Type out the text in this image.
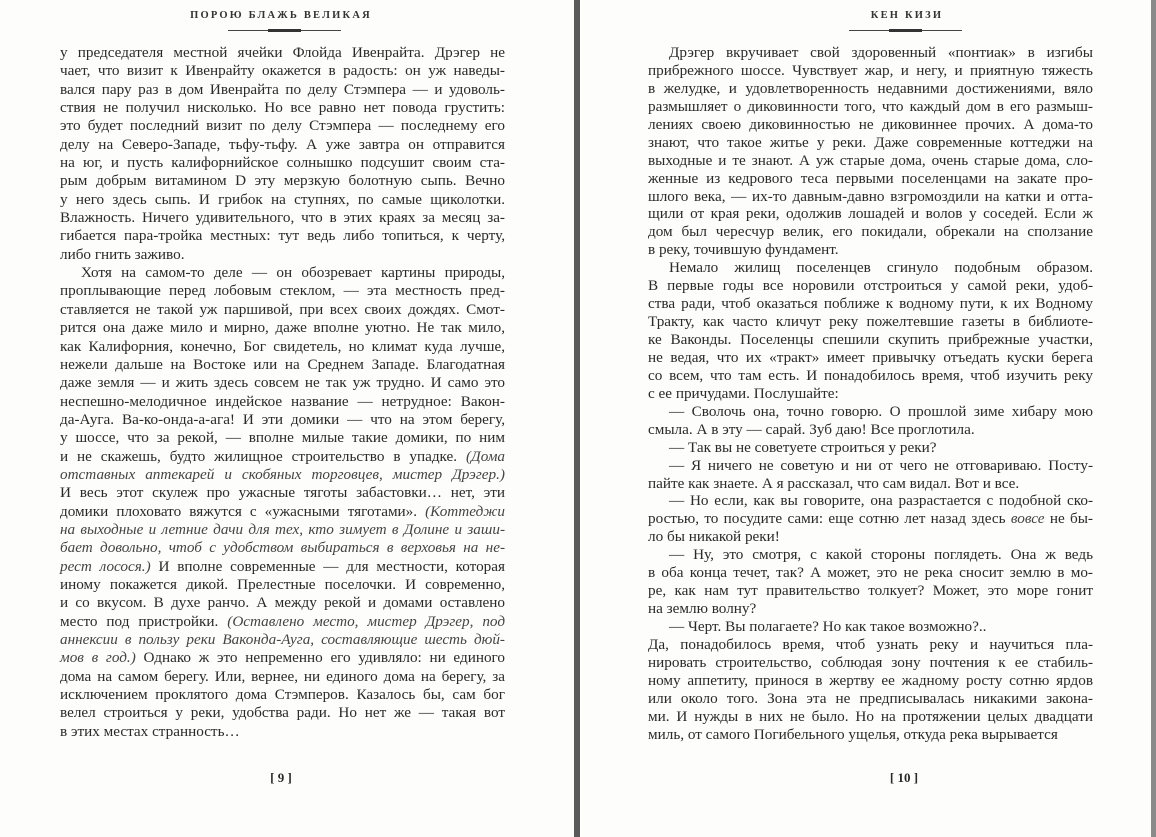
ПОРОЮ БЛАЖЬ ВЕЛИКАЯ
у председателя местной ячейки Флойда Ивенрайта. Дрэгер не
чает, что визит к Ивенрайту окажется в радость: он уж наведы-
вался пару раз в дом Ивенрайта по делу Стэмпера — и удоволь-
ствия не получил нисколько. Но все равно нет повода грустить:
это будет последний визит по делу Стэмпера — последнему его
делу на Северо-Западе, тьфу-тьфу. А уже завтра он отправится
на юг, и пусть калифорнийское солнышко подсушит своим ста-
рым добрым витамином D эту мерзкую болотную сыпь. Вечно
у него здесь сыпь. И грибок на ступнях, по самые щиколотки.
Влажность. Ничего удивительного, что в этих краях за месяц за-
гибается пара-тройка местных: тут ведь либо топиться, к черту,
либо гнить заживо.
Хотя на самом-то деле — он обозревает картины природы,
проплывающие перед лобовым стеклом, — эта местность пред-
ставляется не такой уж паршивой, при всех своих дождях. Смот-
рится она даже мило и мирно, даже вполне уютно. Не так мило,
как Калифорния, конечно, Бог свидетель, но климат куда лучше,
нежели дальше на Востоке или на Среднем Западе. Благодатная
даже земля — и жить здесь совсем не так уж трудно. И само это
неспешно-мелодичное индейское название — нетрудное: Вакон-
да-Ауга. Ва-ко-онда-а-ага! И эти домики — что на этом берегу,
у шоссе, что за рекой, — вполне милые такие домики, по ним
и не скажешь, будто жилищное строительство в упадке. (Дома
отставных аптекарей и скобяных торговцев, мистер Дрэгер.)
И весь этот скулеж про ужасные тяготы забастовки… нет, эти
домики плоховато вяжутся с «ужасными тяготами». (Коттеджи
на выходные и летние дачи для тех, кто зимует в Долине и заши-
бает довольно, чтоб с удобством выбираться в верховья на не-
рест лосося.) И вполне современные — для местности, которая
иному покажется дикой. Прелестные поселочки. И современно,
и со вкусом. В духе ранчо. А между рекой и домами оставлено
место под пристройки. (Оставлено место, мистер Дрэгер, под
аннексии в пользу реки Ваконда-Ауга, составляющие шесть дюй-
мов в год.) Однако ж это непременно его удивляло: ни единого
дома на самом берегу. Или, вернее, ни единого дома на берегу, за
исключением проклятого дома Стэмперов. Казалось бы, сам бог
велел строиться у реки, удобства ради. Но нет же — такая вот
в этих местах странность…
[ 9 ]
КЕН КИЗИ
Дрэгер вкручивает свой здоровенный «понтиак» в изгибы
прибрежного шоссе. Чувствует жар, и негу, и приятную тяжесть
в желудке, и удовлетворенность недавними достижениями, вяло
размышляет о диковинности того, что каждый дом в его размыш-
лениях своею диковинностью не диковиннее прочих. А дома-то
знают, что такое житье у реки. Даже современные коттеджи на
выходные и те знают. А уж старые дома, очень старые дома, сло-
женные из кедрового теса первыми поселенцами на закате про-
шлого века, — их-то давным-давно взгромоздили на катки и отта-
щили от края реки, одолжив лошадей и волов у соседей. Если ж
дом был чересчур велик, его покидали, обрекали на сползание
в реку, точившую фундамент.
Немало жилищ поселенцев сгинуло подобным образом.
В первые годы все норовили отстроиться у самой реки, удоб-
ства ради, чтоб оказаться поближе к водному пути, к их Водному
Тракту, как часто кличут реку пожелтевшие газеты в библиоте-
ке Ваконды. Поселенцы спешили скупить прибрежные участки,
не ведая, что их «тракт» имеет привычку отъедать куски берега
со всем, что там есть. И понадобилось время, чтоб изучить реку
с ее причудами. Послушайте:
— Сволочь она, точно говорю. О прошлой зиме хибару мою
смыла. А в эту — сарай. Зуб даю! Все проглотила.
— Так вы не советуете строиться у реки?
— Я ничего не советую и ни от чего не отговариваю. Посту-
пайте как знаете. А я рассказал, что сам видал. Вот и все.
— Но если, как вы говорите, она разрастается с подобной ско-
ростью, то посудите сами: еще сотню лет назад здесь вовсе не бы-
ло бы никакой реки!
— Ну, это смотря, с какой стороны поглядеть. Она ж ведь
в оба конца течет, так? А может, это не река сносит землю в мо-
ре, как нам тут правительство толкует? Может, это море гонит
на землю волну?
— Черт. Вы полагаете? Но как такое возможно?..
Да, понадобилось время, чтоб узнать реку и научиться пла-
нировать строительство, соблюдая зону почтения к ее стабиль-
ному аппетиту, принося в жертву ее жадному росту сотню ярдов
или около того. Зона эта не предписывалась никакими закона-
ми. И нужды в них не было. Но на протяжении целых двадцати
миль, от самого Погибельного ущелья, откуда река вырывается
[ 10 ]
